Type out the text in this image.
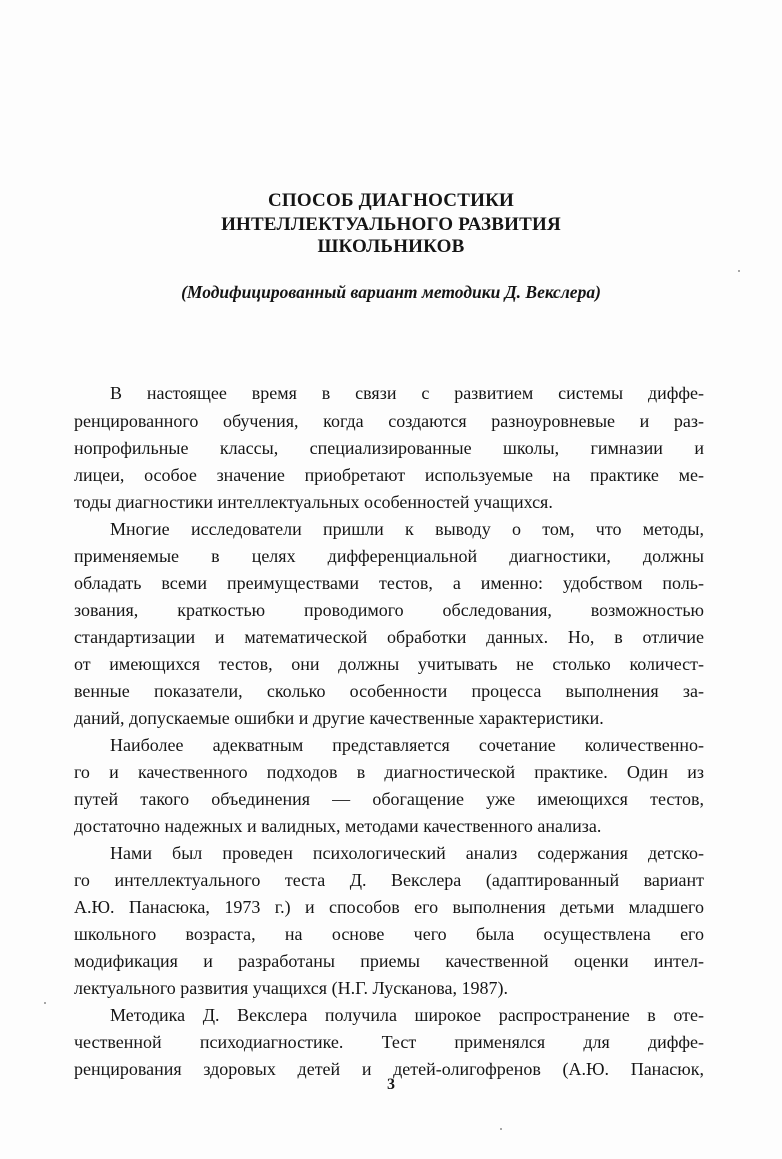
СПОСОБ ДИАГНОСТИКИ
ИНТЕЛЛЕКТУАЛЬНОГО РАЗВИТИЯ
ШКОЛЬНИКОВ
(Модифицированный вариант методики Д. Векслера)
В настоящее время в связи с развитием системы диффе-
ренцированного обучения, когда создаются разноуровневые и раз-
нопрофильные классы, специализированные школы, гимназии и
лицеи, особое значение приобретают используемые на практике ме-
тоды диагностики интеллектуальных особенностей учащихся.
Многие исследователи пришли к выводу о том, что методы,
применяемые в целях дифференциальной диагностики, должны
обладать всеми преимуществами тестов, а именно: удобством поль-
зования, краткостью проводимого обследования, возможностью
стандартизации и математической обработки данных. Но, в отличие
от имеющихся тестов, они должны учитывать не столько количест-
венные показатели, сколько особенности процесса выполнения за-
даний, допускаемые ошибки и другие качественные характеристики.
Наиболее адекватным представляется сочетание количественно-
го и качественного подходов в диагностической практике. Один из
путей такого объединения — обогащение уже имеющихся тестов,
достаточно надежных и валидных, методами качественного анализа.
Нами был проведен психологический анализ содержания детско-
го интеллектуального теста Д. Векслера (адаптированный вариант
А.Ю. Панасюка, 1973 г.) и способов его выполнения детьми младшего
школьного возраста, на основе чего была осуществлена его
модификация и разработаны приемы качественной оценки интел-
лектуального развития учащихся (Н.Г. Лусканова, 1987).
Методика Д. Векслера получила широкое распространение в оте-
чественной психодиагностике. Тест применялся для диффе-
ренцирования здоровых детей и детей-олигофренов (А.Ю. Панасюк,
3
